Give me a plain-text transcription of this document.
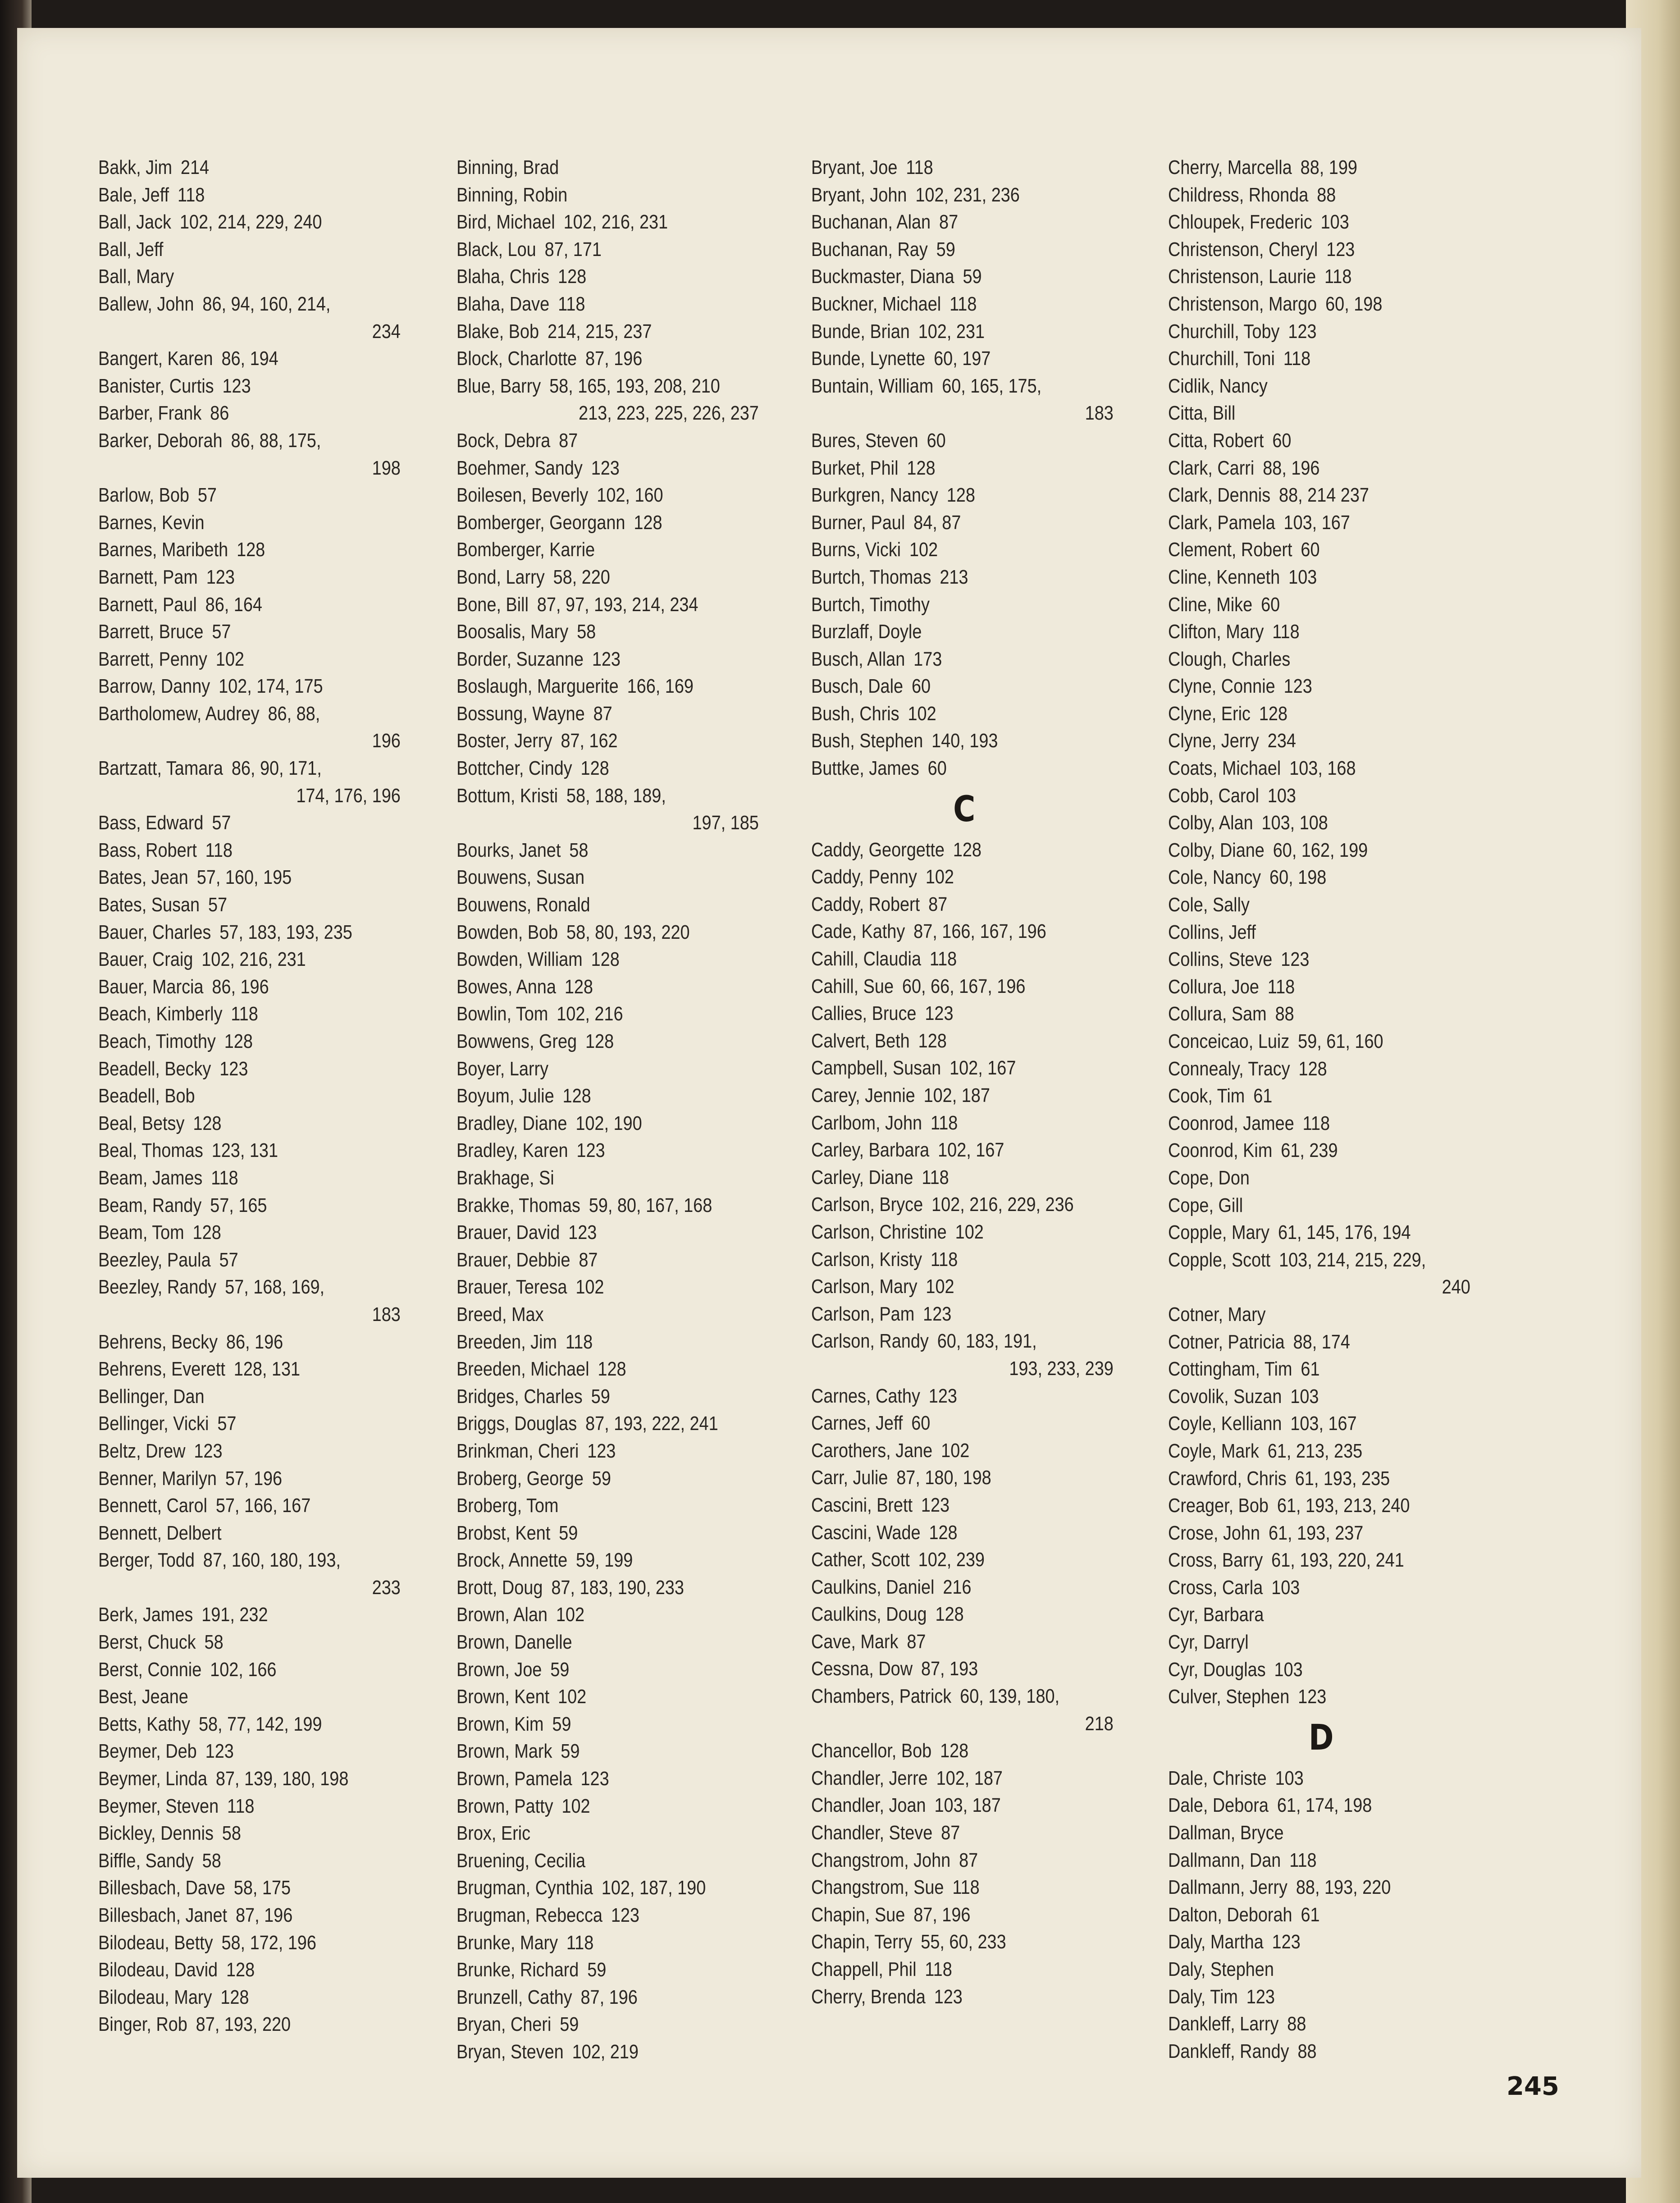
Bakk, Jim  214
Bale, Jeff  118
Ball, Jack  102, 214, 229, 240
Ball, Jeff
Ball, Mary
Ballew, John  86, 94, 160, 214,
234
Bangert, Karen  86, 194
Banister, Curtis  123
Barber, Frank  86
Barker, Deborah  86, 88, 175,
198
Barlow, Bob  57
Barnes, Kevin
Barnes, Maribeth  128
Barnett, Pam  123
Barnett, Paul  86, 164
Barrett, Bruce  57
Barrett, Penny  102
Barrow, Danny  102, 174, 175
Bartholomew, Audrey  86, 88,
196
Bartzatt, Tamara  86, 90, 171,
174, 176, 196
Bass, Edward  57
Bass, Robert  118
Bates, Jean  57, 160, 195
Bates, Susan  57
Bauer, Charles  57, 183, 193, 235
Bauer, Craig  102, 216, 231
Bauer, Marcia  86, 196
Beach, Kimberly  118
Beach, Timothy  128
Beadell, Becky  123
Beadell, Bob
Beal, Betsy  128
Beal, Thomas  123, 131
Beam, James  118
Beam, Randy  57, 165
Beam, Tom  128
Beezley, Paula  57
Beezley, Randy  57, 168, 169,
183
Behrens, Becky  86, 196
Behrens, Everett  128, 131
Bellinger, Dan
Bellinger, Vicki  57
Beltz, Drew  123
Benner, Marilyn  57, 196
Bennett, Carol  57, 166, 167
Bennett, Delbert
Berger, Todd  87, 160, 180, 193,
233
Berk, James  191, 232
Berst, Chuck  58
Berst, Connie  102, 166
Best, Jeane
Betts, Kathy  58, 77, 142, 199
Beymer, Deb  123
Beymer, Linda  87, 139, 180, 198
Beymer, Steven  118
Bickley, Dennis  58
Biffle, Sandy  58
Billesbach, Dave  58, 175
Billesbach, Janet  87, 196
Bilodeau, Betty  58, 172, 196
Bilodeau, David  128
Bilodeau, Mary  128
Binger, Rob  87, 193, 220
Binning, Brad
Binning, Robin
Bird, Michael  102, 216, 231
Black, Lou  87, 171
Blaha, Chris  128
Blaha, Dave  118
Blake, Bob  214, 215, 237
Block, Charlotte  87, 196
Blue, Barry  58, 165, 193, 208, 210
213, 223, 225, 226, 237
Bock, Debra  87
Boehmer, Sandy  123
Boilesen, Beverly  102, 160
Bomberger, Georgann  128
Bomberger, Karrie
Bond, Larry  58, 220
Bone, Bill  87, 97, 193, 214, 234
Boosalis, Mary  58
Border, Suzanne  123
Boslaugh, Marguerite  166, 169
Bossung, Wayne  87
Boster, Jerry  87, 162
Bottcher, Cindy  128
Bottum, Kristi  58, 188, 189,
197, 185
Bourks, Janet  58
Bouwens, Susan
Bouwens, Ronald
Bowden, Bob  58, 80, 193, 220
Bowden, William  128
Bowes, Anna  128
Bowlin, Tom  102, 216
Bowwens, Greg  128
Boyer, Larry
Boyum, Julie  128
Bradley, Diane  102, 190
Bradley, Karen  123
Brakhage, Si
Brakke, Thomas  59, 80, 167, 168
Brauer, David  123
Brauer, Debbie  87
Brauer, Teresa  102
Breed, Max
Breeden, Jim  118
Breeden, Michael  128
Bridges, Charles  59
Briggs, Douglas  87, 193, 222, 241
Brinkman, Cheri  123
Broberg, George  59
Broberg, Tom
Brobst, Kent  59
Brock, Annette  59, 199
Brott, Doug  87, 183, 190, 233
Brown, Alan  102
Brown, Danelle
Brown, Joe  59
Brown, Kent  102
Brown, Kim  59
Brown, Mark  59
Brown, Pamela  123
Brown, Patty  102
Brox, Eric
Bruening, Cecilia
Brugman, Cynthia  102, 187, 190
Brugman, Rebecca  123
Brunke, Mary  118
Brunke, Richard  59
Brunzell, Cathy  87, 196
Bryan, Cheri  59
Bryan, Steven  102, 219
Bryant, Joe  118
Bryant, John  102, 231, 236
Buchanan, Alan  87
Buchanan, Ray  59
Buckmaster, Diana  59
Buckner, Michael  118
Bunde, Brian  102, 231
Bunde, Lynette  60, 197
Buntain, William  60, 165, 175,
183
Bures, Steven  60
Burket, Phil  128
Burkgren, Nancy  128
Burner, Paul  84, 87
Burns, Vicki  102
Burtch, Thomas  213
Burtch, Timothy
Burzlaff, Doyle
Busch, Allan  173
Busch, Dale  60
Bush, Chris  102
Bush, Stephen  140, 193
Buttke, James  60
C
Caddy, Georgette  128
Caddy, Penny  102
Caddy, Robert  87
Cade, Kathy  87, 166, 167, 196
Cahill, Claudia  118
Cahill, Sue  60, 66, 167, 196
Callies, Bruce  123
Calvert, Beth  128
Campbell, Susan  102, 167
Carey, Jennie  102, 187
Carlbom, John  118
Carley, Barbara  102, 167
Carley, Diane  118
Carlson, Bryce  102, 216, 229, 236
Carlson, Christine  102
Carlson, Kristy  118
Carlson, Mary  102
Carlson, Pam  123
Carlson, Randy  60, 183, 191,
193, 233, 239
Carnes, Cathy  123
Carnes, Jeff  60
Carothers, Jane  102
Carr, Julie  87, 180, 198
Cascini, Brett  123
Cascini, Wade  128
Cather, Scott  102, 239
Caulkins, Daniel  216
Caulkins, Doug  128
Cave, Mark  87
Cessna, Dow  87, 193
Chambers, Patrick  60, 139, 180,
218
Chancellor, Bob  128
Chandler, Jerre  102, 187
Chandler, Joan  103, 187
Chandler, Steve  87
Changstrom, John  87
Changstrom, Sue  118
Chapin, Sue  87, 196
Chapin, Terry  55, 60, 233
Chappell, Phil  118
Cherry, Brenda  123
Cherry, Marcella  88, 199
Childress, Rhonda  88
Chloupek, Frederic  103
Christenson, Cheryl  123
Christenson, Laurie  118
Christenson, Margo  60, 198
Churchill, Toby  123
Churchill, Toni  118
Cidlik, Nancy
Citta, Bill
Citta, Robert  60
Clark, Carri  88, 196
Clark, Dennis  88, 214 237
Clark, Pamela  103, 167
Clement, Robert  60
Cline, Kenneth  103
Cline, Mike  60
Clifton, Mary  118
Clough, Charles
Clyne, Connie  123
Clyne, Eric  128
Clyne, Jerry  234
Coats, Michael  103, 168
Cobb, Carol  103
Colby, Alan  103, 108
Colby, Diane  60, 162, 199
Cole, Nancy  60, 198
Cole, Sally
Collins, Jeff
Collins, Steve  123
Collura, Joe  118
Collura, Sam  88
Conceicao, Luiz  59, 61, 160
Connealy, Tracy  128
Cook, Tim  61
Coonrod, Jamee  118
Coonrod, Kim  61, 239
Cope, Don
Cope, Gill
Copple, Mary  61, 145, 176, 194
Copple, Scott  103, 214, 215, 229,
240
Cotner, Mary
Cotner, Patricia  88, 174
Cottingham, Tim  61
Covolik, Suzan  103
Coyle, Kelliann  103, 167
Coyle, Mark  61, 213, 235
Crawford, Chris  61, 193, 235
Creager, Bob  61, 193, 213, 240
Crose, John  61, 193, 237
Cross, Barry  61, 193, 220, 241
Cross, Carla  103
Cyr, Barbara
Cyr, Darryl
Cyr, Douglas  103
Culver, Stephen  123
D
Dale, Christe  103
Dale, Debora  61, 174, 198
Dallman, Bryce
Dallmann, Dan  118
Dallmann, Jerry  88, 193, 220
Dalton, Deborah  61
Daly, Martha  123
Daly, Stephen
Daly, Tim  123
Dankleff, Larry  88
Dankleff, Randy  88
245
